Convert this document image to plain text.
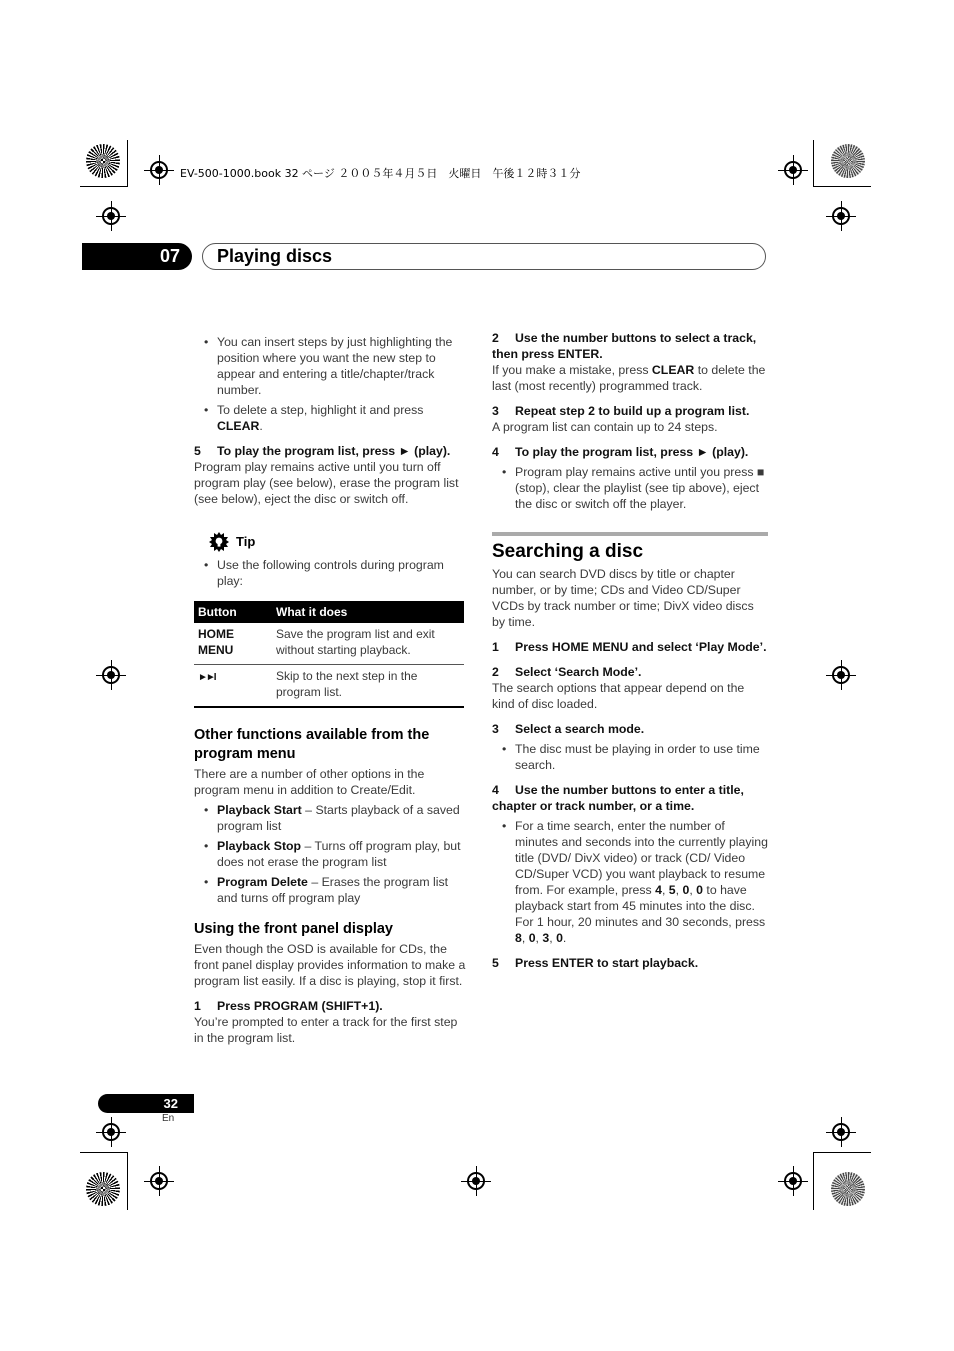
EV-500-1000.book 32 ページ ２００５年４月５日　火曜日　午後１２時３１分
07	Playing discs

• You can insert steps by just highlighting the position where you want the new step to appear and entering a title/chapter/track number.

• To delete a step, highlight it and press CLEAR.

5 To play the program list, press ► (play).

Program play remains active until you turn off program play (see below), erase the program list (see below), eject the disc or switch off.

Tip

• Use the following controls during program play:

Button	What it does
HOME MENU	Save the program list and exit without starting playback.
►►I	Skip to the next step in the program list.
Other functions available from the program menu

There are a number of other options in the program menu in addition to Create/Edit.

• Playback Start – Starts playback of a saved program list

• Playback Stop – Turns off program play, but does not erase the program list

• Program Delete – Erases the program list and turns off program play

Using the front panel display

Even though the OSD is available for CDs, the front panel display provides information to make a program list easily. If a disc is playing, stop it first.

1 Press PROGRAM (SHIFT+1).

You’re prompted to enter a track for the first step in the program list.

2 Use the number buttons to select a track, then press ENTER.

If you make a mistake, press CLEAR to delete the last (most recently) programmed track.

3 Repeat step 2 to build up a program list.

A program list can contain up to 24 steps.

4 To play the program list, press ► (play).

• Program play remains active until you press ■ (stop), clear the playlist (see tip above), eject the disc or switch off the player.

Searching a disc

You can search DVD discs by title or chapter number, or by time; CDs and Video CD/Super VCDs by track number or time; DivX video discs by time.

1 Press HOME MENU and select ‘Play Mode’.

2 Select ‘Search Mode’.

The search options that appear depend on the kind of disc loaded.

3 Select a search mode.

• The disc must be playing in order to use time search.

4 Use the number buttons to enter a title, chapter or track number, or a time.

• For a time search, enter the number of minutes and seconds into the currently playing title (DVD/ DivX video) or track (CD/ Video CD/Super VCD) you want playback to resume from. For example, press 4, 5, 0, 0 to have playback start from 45 minutes into the disc. For 1 hour, 20 minutes and 30 seconds, press 8, 0, 3, 0.

5 Press ENTER to start playback.

32
En
